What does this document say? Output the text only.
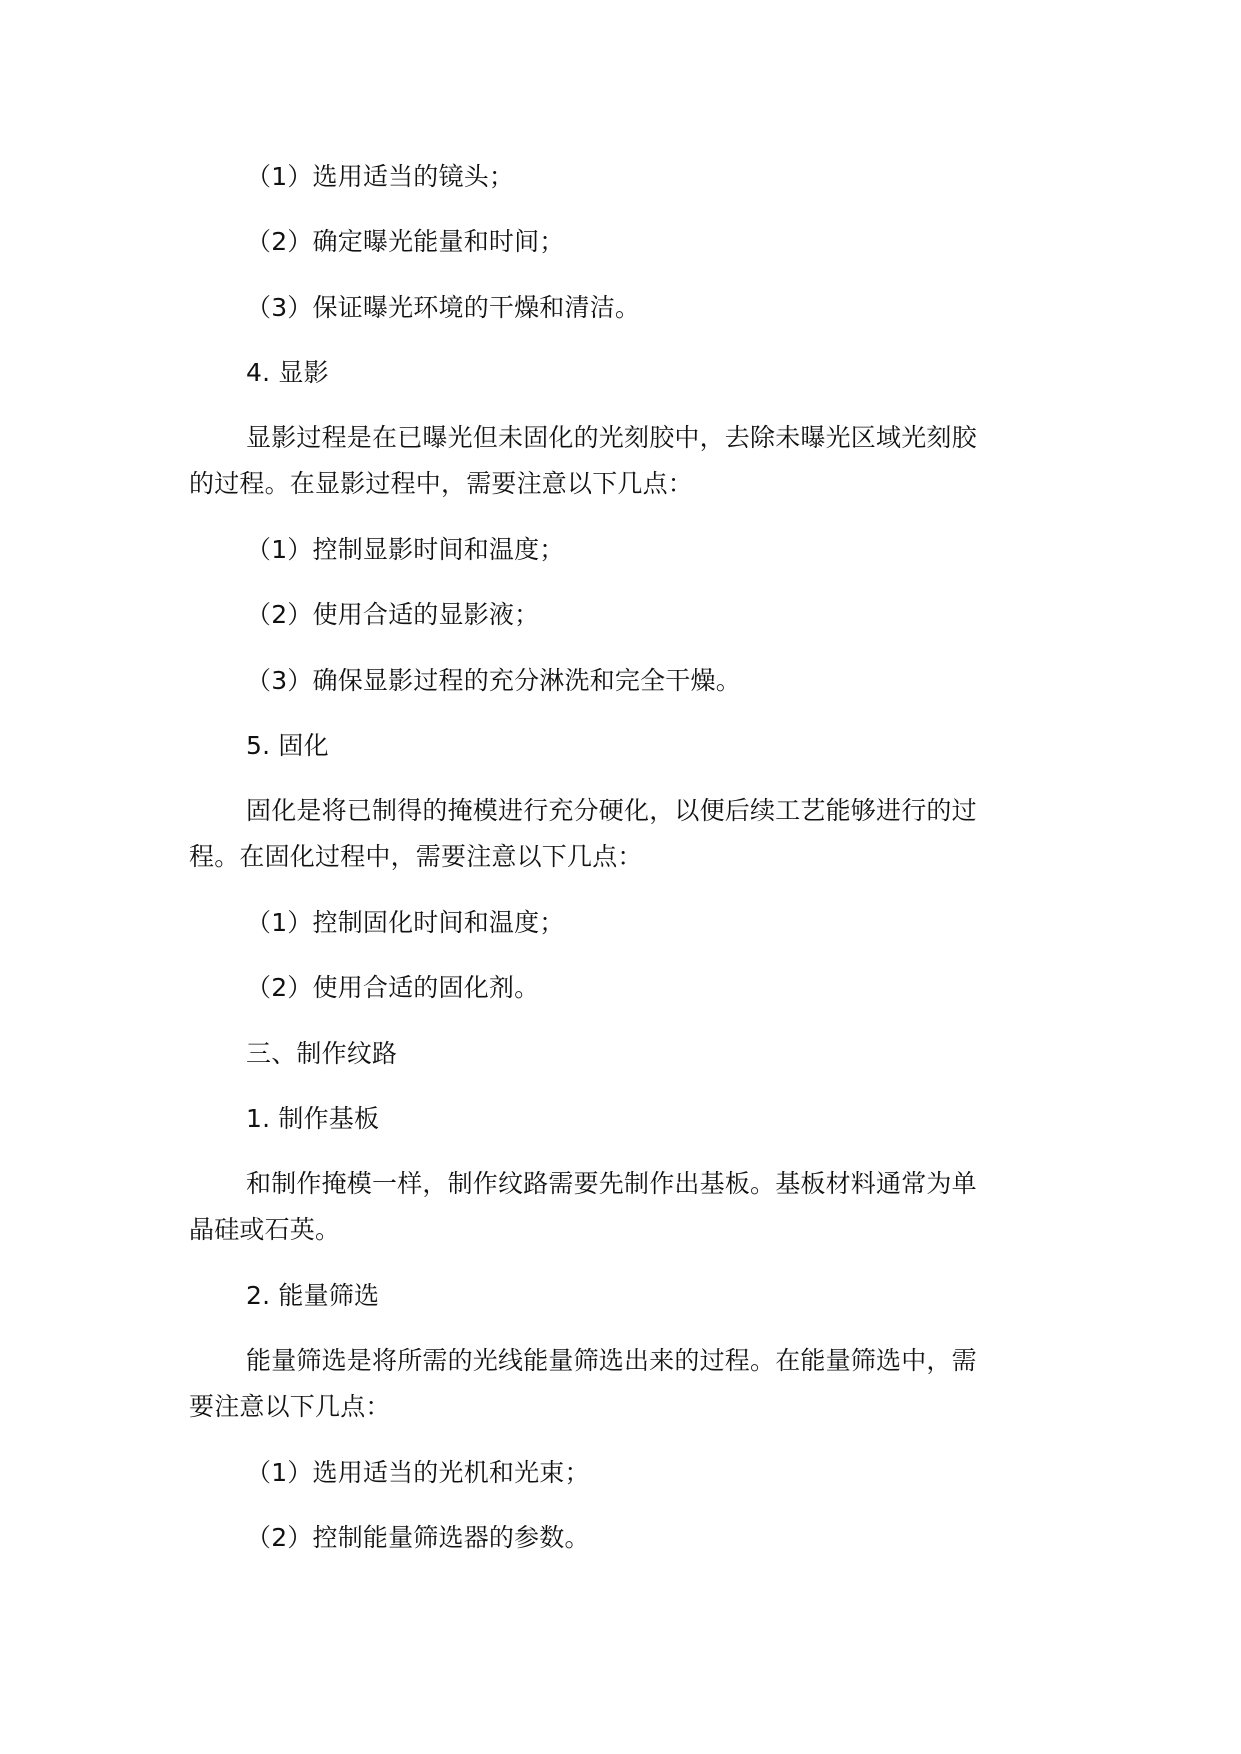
（1）选用适当的镜头；
（2）确定曝光能量和时间；
（3）保证曝光环境的干燥和清洁。
4. 显影
显影过程是在已曝光但未固化的光刻胶中，去除未曝光区域光刻胶
的过程。在显影过程中，需要注意以下几点：
（1）控制显影时间和温度；
（2）使用合适的显影液；
（3）确保显影过程的充分淋洗和完全干燥。
5. 固化
固化是将已制得的掩模进行充分硬化，以便后续工艺能够进行的过
程。在固化过程中，需要注意以下几点：
（1）控制固化时间和温度；
（2）使用合适的固化剂。
三、制作纹路
1. 制作基板
和制作掩模一样，制作纹路需要先制作出基板。基板材料通常为单
晶硅或石英。
2. 能量筛选
能量筛选是将所需的光线能量筛选出来的过程。在能量筛选中，需
要注意以下几点：
（1）选用适当的光机和光束；
（2）控制能量筛选器的参数。
